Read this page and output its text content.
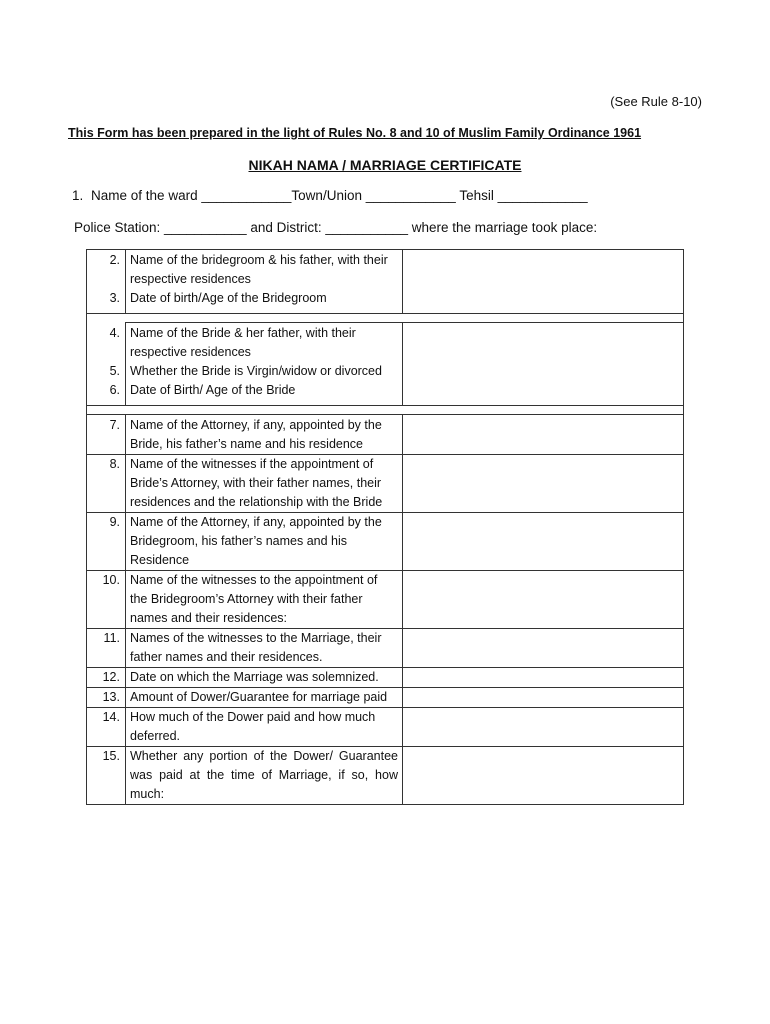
(See Rule 8-10)
This Form has been prepared in the light of Rules No. 8 and 10 of Muslim Family Ordinance 1961
NIKAH NAMA / MARRIAGE CERTIFICATE
1. Name of the ward ____________Town/Union ____________ Tehsil ____________
Police Station: ___________ and District: ___________ where the marriage took place:
2.	Name of the bridegroom & his father, with their respective residences	
3.	Date of birth/Age of the Bridegroom	

4.	Name of the Bride & her father, with their respective residences	
5.	Whether the Bride is Virgin/widow or divorced	
6.	Date of Birth/ Age of the Bride	

7.	Name of the Attorney, if any, appointed by the Bride, his father’s name and his residence	
8.	Name of the witnesses if the appointment of Bride’s Attorney, with their father names, their residences and the relationship with the Bride	
9.	Name of the Attorney, if any, appointed by the Bridegroom, his father’s names and his Residence	
10.	Name of the witnesses to the appointment of the Bridegroom’s Attorney with their father names and their residences:	
11.	Names of the witnesses to the Marriage, their father names and their residences.	
12.	Date on which the Marriage was solemnized.	
13.	Amount of Dower/Guarantee for marriage paid	
14.	How much of the Dower paid and how much deferred.	
15.	Whether any portion of the Dower/ Guarantee was paid at the time of Marriage, if so, how much:	
